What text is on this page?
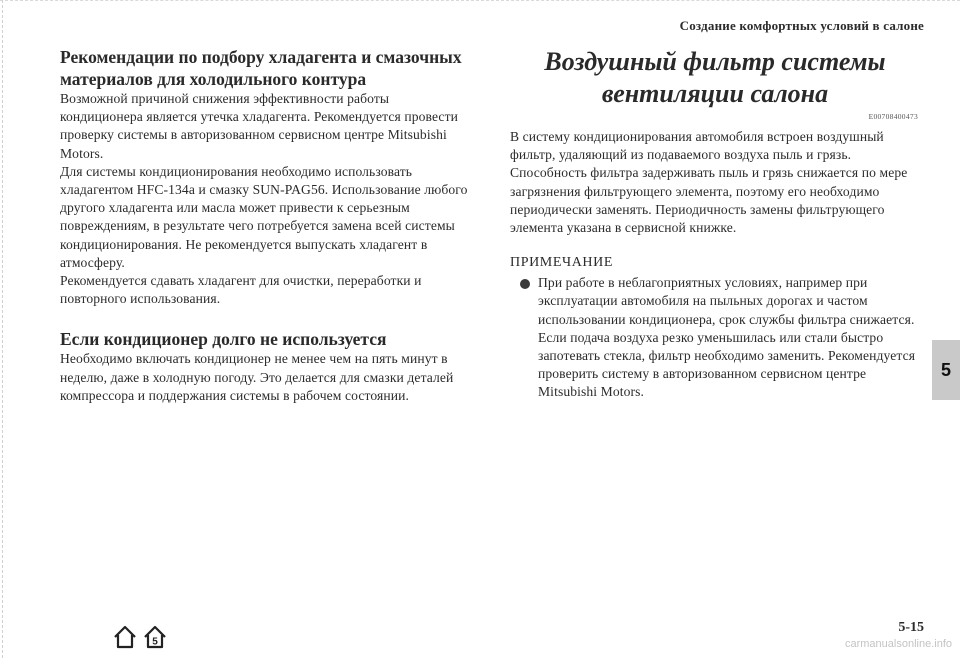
Создание комфортных условий в салоне
Рекомендации по подбору хладагента и смазочных материалов для холодильного контура

Возможной причиной снижения эффективности работы кондиционера является утечка хладагента. Рекомендуется провести проверку системы в авторизованном сервисном центре Mitsubishi Motors.

Для системы кондиционирования необходимо использовать хладагентом HFC-134a и смазку SUN-PAG56. Использование любого другого хладагента или масла может привести к серьезным повреждениям, в результате чего потребуется замена всей системы кондиционирования. Не рекомендуется выпускать хладагент в атмосферу.

Рекомендуется сдавать хладагент для очистки, переработки и повторного использования.

Если кондиционер долго не используется

Необходимо включать кондиционер не менее чем на пять минут в неделю, даже в холодную погоду. Это делается для смазки деталей компрессора и поддержания системы в рабочем состоянии.

Воздушный фильтр системы вентиляции салона
E00708400473

В систему кондиционирования автомобиля встроен воздушный фильтр, удаляющий из подаваемого воздуха пыль и грязь. Способность фильтра задерживать пыль и грязь снижается по мере загрязнения фильтрующего элемента, поэтому его необходимо периодически заменять. Периодичность замены фильтрующего элемента указана в сервисной книжке.

ПРИМЕЧАНИЕ

При работе в неблагоприятных условиях, например при эксплуатации автомобиля на пыльных дорогах и частом использовании кондиционера, срок службы фильтра снижается. Если подача воздуха резко уменьшилась или стали быстро запотевать стекла, фильтр необходимо заменить. Рекомендуется проверить систему в авторизованном сервисном центре Mitsubishi Motors.

5
5-15
5	carmanualsonline.info
